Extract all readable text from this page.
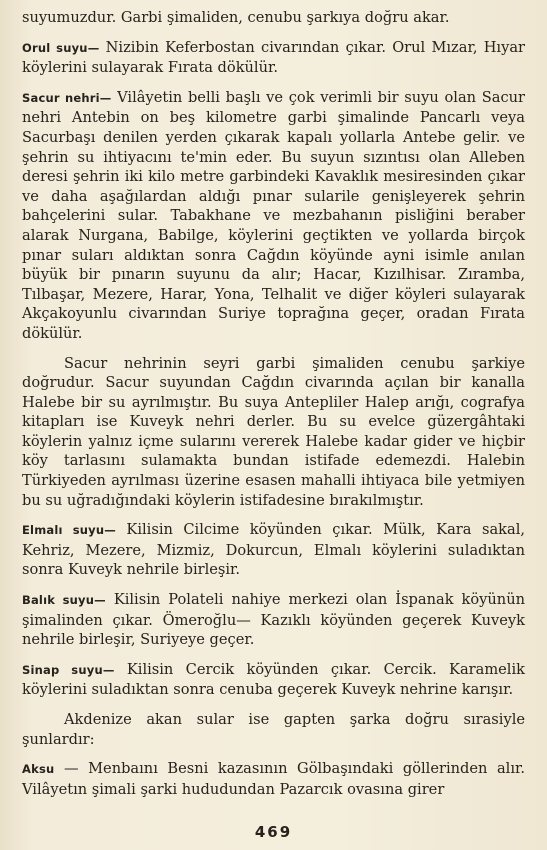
suyumuzdur. Garbi şimaliden, cenubu şarkıya doğru akar.

Orul suyu— Nizibin Keferbostan civarından çıkar. Orul Mızar, Hıyar köylerini sulayarak Fırata dökülür.

Sacur nehri— Vilâyetin belli başlı ve çok verimli bir suyu olan Sacur nehri Antebin on beş kilometre garbi şimalinde Pancarlı veya Sacurbaşı denilen yerden çıkarak kapalı yollarla Antebe gelir. ve şehrin su ihtiyacını te'min eder. Bu suyun sızıntısı olan Alleben deresi şehrin iki kilo metre garbindeki Kavaklık mesiresinden çıkar ve daha aşağılardan aldığı pınar sularile genişleyerek şehrin bahçelerini sular. Tabakhane ve mezbahanın pisliğini beraber alarak Nurgana, Babilge, köylerini geçtikten ve yollarda birçok pınar suları aldıktan sonra Cağdın köyünde ayni isimle anılan büyük bir pınarın suyunu da alır; Hacar, Kızılhisar. Zıramba, Tılbaşar, Mezere, Harar, Yona, Telhalit ve diğer köyleri sulayarak Akçakoyunlu civarından Suriye toprağına geçer, oradan Fırata dökülür.

Sacur nehrinin seyri garbi şimaliden cenubu şarkiye doğrudur. Sacur suyundan Cağdın civarında açılan bir kanalla Halebe bir su ayrılmıştır. Bu suya Antepliler Halep arığı, cografya kitapları ise Kuveyk nehri derler. Bu su evelce güzergâhtaki köylerin yalnız içme sularını vererek Halebe kadar gider ve hiçbir köy tarlasını sulamakta bundan istifade edemezdi. Halebin Türkiyeden ayrılması üzerine esasen mahalli ihtiyaca bile yetmiyen bu su uğradığındaki köylerin istifadesine bırakılmıştır.

Elmalı suyu— Kilisin Cilcime köyünden çıkar. Mülk, Kara sakal, Kehriz, Mezere, Mizmiz, Dokurcun, Elmalı köylerini suladıktan sonra Kuveyk nehrile birleşir.

Balık suyu— Kilisin Polateli nahiye merkezi olan İspanak köyünün şimalinden çıkar. Ömeroğlu— Kazıklı köyünden geçerek Kuveyk nehrile birleşir, Suriyeye geçer.

Sinap suyu— Kilisin Cercik köyünden çıkar. Cercik. Karamelik köylerini suladıktan sonra cenuba geçerek Kuveyk nehrine karışır.

Akdenize akan sular ise gapten şarka doğru sırasiyle şunlardır:

Aksu — Menbaını Besni kazasının Gölbaşındaki göllerinden alır. Vilâyetın şimali şarki hududundan Pazarcık ovasına girer

469
